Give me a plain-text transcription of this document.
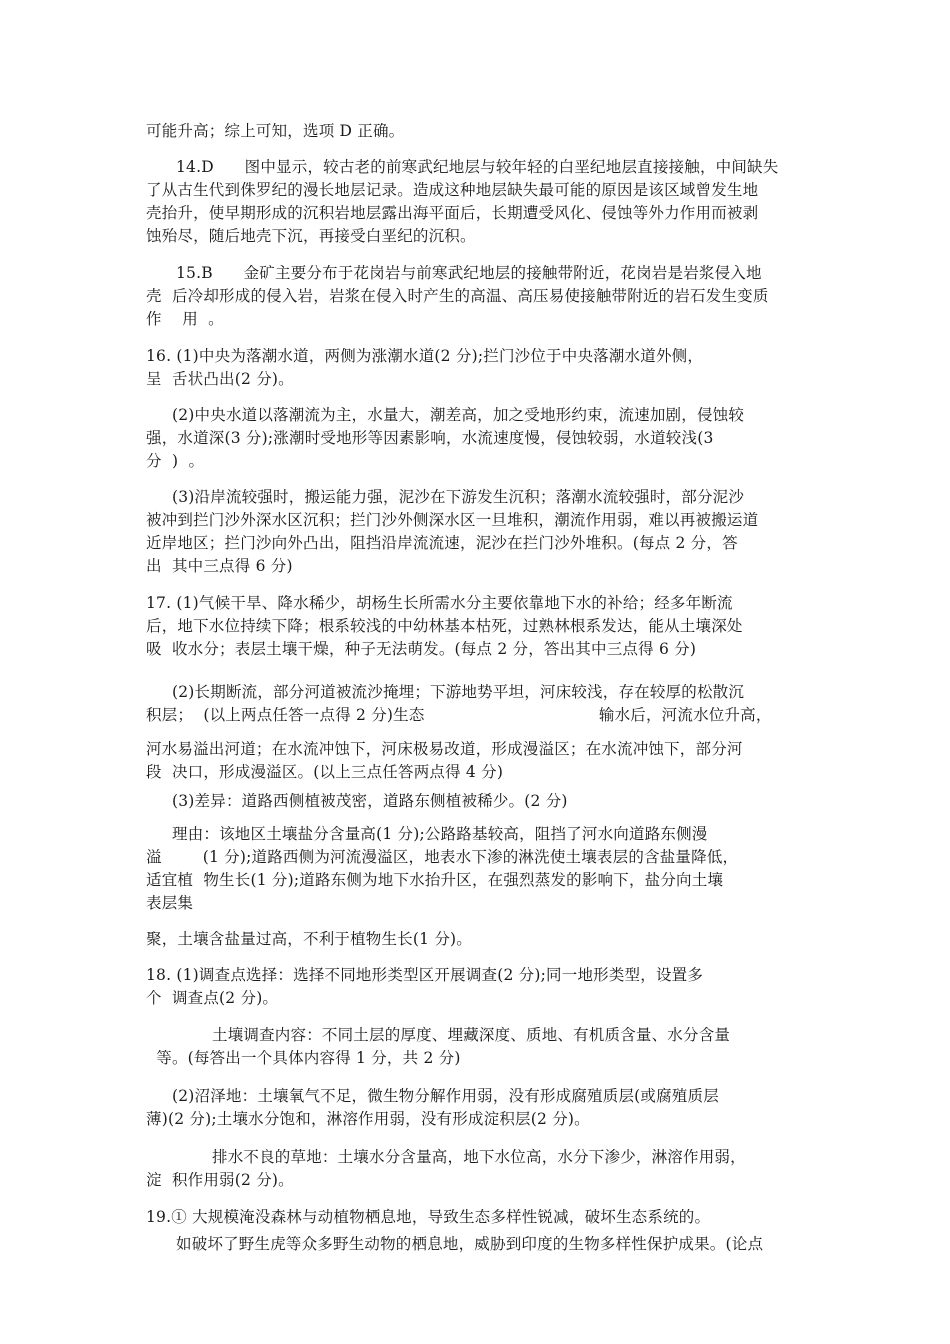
可能升高；综上可知，选项 D 正确。
14.D      图中显示，较古老的前寒武纪地层与较年轻的白垩纪地层直接接触，中间缺失
了从古生代到侏罗纪的漫长地层记录。造成这种地层缺失最可能的原因是该区域曾发生地
壳抬升，使早期形成的沉积岩地层露出海平面后，长期遭受风化、侵蚀等外力作用而被剥
蚀殆尽，随后地壳下沉，再接受白垩纪的沉积。
15.B      金矿主要分布于花岗岩与前寒武纪地层的接触带附近，花岗岩是岩浆侵入地
壳  后冷却形成的侵入岩，岩浆在侵入时产生的高温、高压易使接触带附近的岩石发生变质
作    用  。
16. (1)中央为落潮水道，两侧为涨潮水道(2 分);拦门沙位于中央落潮水道外侧，
呈  舌状凸出(2 分)。
(2)中央水道以落潮流为主，水量大，潮差高，加之受地形约束，流速加剧，侵蚀较
强，水道深(3 分);涨潮时受地形等因素影响，水流速度慢，侵蚀较弱，水道较浅(3
分  )  。
(3)沿岸流较强时，搬运能力强，泥沙在下游发生沉积；落潮水流较强时，部分泥沙
被冲到拦门沙外深水区沉积；拦门沙外侧深水区一旦堆积，潮流作用弱，难以再被搬运道
近岸地区；拦门沙向外凸出，阻挡沿岸流流速，泥沙在拦门沙外堆积。(每点 2 分，答
出  其中三点得 6 分)
17. (1)气候干旱、降水稀少，胡杨生长所需水分主要依靠地下水的补给；经多年断流
后，地下水位持续下降；根系较浅的中幼林基本枯死，过熟林根系发达，能从土壤深处
吸  收水分；表层土壤干燥，种子无法萌发。(每点 2 分，答出其中三点得 6 分)
(2)长期断流，部分河道被流沙掩埋；下游地势平坦，河床较浅，存在较厚的松散沉
积层；  (以上两点任答一点得 2 分)生态                                  输水后，河流水位升高，
河水易溢出河道；在水流冲蚀下，河床极易改道，形成漫溢区；在水流冲蚀下，部分河
段  决口，形成漫溢区。(以上三点任答两点得 4 分)
(3)差异：道路西侧植被茂密，道路东侧植被稀少。(2 分)
理由：该地区土壤盐分含量高(1 分);公路路基较高，阻挡了河水向道路东侧漫
溢        (1 分);道路西侧为河流漫溢区，地表水下渗的淋洗使土壤表层的含盐量降低，
适宜植  物生长(1 分);道路东侧为地下水抬升区，在强烈蒸发的影响下，盐分向土壤
表层集
聚，土壤含盐量过高，不利于植物生长(1 分)。
18. (1)调查点选择：选择不同地形类型区开展调查(2 分);同一地形类型，设置多
个  调查点(2 分)。
土壤调查内容：不同土层的厚度、埋藏深度、质地、有机质含量、水分含量
等。(每答出一个具体内容得 1 分，共 2 分)
(2)沼泽地：土壤氧气不足，微生物分解作用弱，没有形成腐殖质层(或腐殖质层
薄)(2 分);土壤水分饱和，淋溶作用弱，没有形成淀积层(2 分)。
排水不良的草地：土壤水分含量高，地下水位高，水分下渗少，淋溶作用弱，
淀  积作用弱(2 分)。
19.① 大规模淹没森林与动植物栖息地，导致生态多样性锐减，破坏生态系统的。
如破坏了野生虎等众多野生动物的栖息地，威胁到印度的生物多样性保护成果。(论点
